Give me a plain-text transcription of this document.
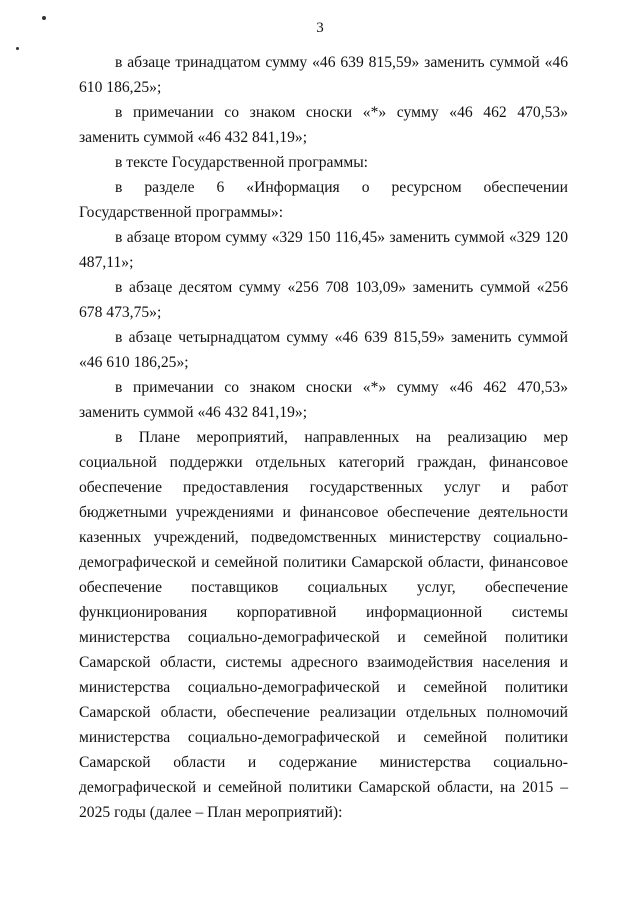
3

в абзаце тринадцатом сумму «46 639 815,59» заменить суммой «46 610 186,25»;

в примечании со знаком сноски «*» сумму «46 462 470,53» заменить суммой «46 432 841,19»;

в тексте Государственной программы:

в разделе 6 «Информация о ресурсном обеспечении Государственной программы»:

в абзаце втором сумму «329 150 116,45» заменить суммой «329 120 487,11»;

в абзаце десятом сумму «256 708 103,09» заменить суммой «256 678 473,75»;

в абзаце четырнадцатом сумму «46 639 815,59» заменить суммой «46 610 186,25»;

в примечании со знаком сноски «*» сумму «46 462 470,53» заменить суммой «46 432 841,19»;

в Плане мероприятий, направленных на реализацию мер социальной поддержки отдельных категорий граждан, финансовое обеспечение предоставления государственных услуг и работ бюджетными учреждениями и финансовое обеспечение деятельности казенных учреждений, подведомственных министерству социально-демографической и семейной политики Самарской области, финансовое обеспечение поставщиков социальных услуг, обеспечение функционирования корпоративной информационной системы министерства социально-демографической и семейной политики Самарской области, системы адресного взаимодействия населения и министерства социально-демографической и семейной политики Самарской области, обеспечение реализации отдельных полномочий министерства социально-демографической и семейной политики Самарской области и содержание министерства социально-демографической и семейной политики Самарской области, на 2015 – 2025 годы (далее – План мероприятий):
